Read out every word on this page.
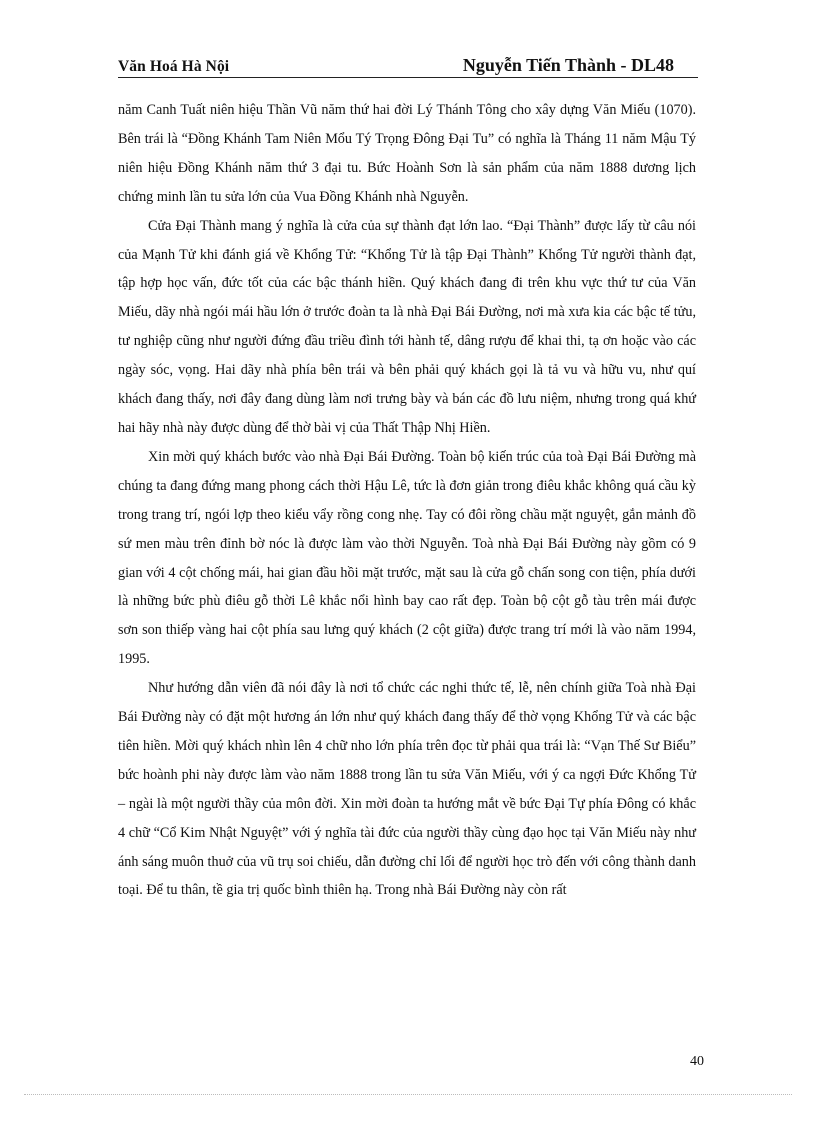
Văn Hoá Hà Nội	Nguyễn Tiến Thành - DL48

năm Canh Tuất niên hiệu Thần Vũ năm thứ hai đời Lý Thánh Tông cho xây dựng Văn Miếu (1070). Bên trái là “Đồng Khánh Tam Niên Mổu Tý Trọng Đông Đại Tu” có nghĩa là Tháng 11 năm Mậu Tý niên hiệu Đồng Khánh năm thứ 3 đại tu. Bức Hoành Sơn là sản phẩm của năm 1888 dương lịch chứng minh lần tu sửa lớn của Vua Đồng Khánh nhà Nguyễn.

Cửa Đại Thành mang ý nghĩa là cửa của sự thành đạt lớn lao. “Đại Thành” được lấy từ câu nói của Mạnh Tử khi đánh giá về Khổng Tử: “Khổng Tử là tập Đại Thành” Khổng Tử người thành đạt, tập hợp học vấn, đức tốt của các bậc thánh hiền. Quý khách đang đi trên khu vực thứ tư của Văn Miếu, dãy nhà ngói mái hầu lớn ở trước đoàn ta là nhà Đại Bái Đường, nơi mà xưa kia các bậc tế tửu, tư nghiệp cũng như người đứng đầu triều đình tới hành tế, dâng rượu để khai thi, tạ ơn hoặc vào các ngày sóc, vọng. Hai dãy nhà phía bên trái và bên phải quý khách gọi là tả vu và hữu vu, như quí khách đang thấy, nơi đây đang dùng làm nơi trưng bày và bán các đồ lưu niệm, nhưng trong quá khứ hai hãy nhà này được dùng để thờ bài vị của Thất Thập Nhị Hiền.

Xin mời quý khách bước vào nhà Đại Bái Đường. Toàn bộ kiến trúc của toà Đại Bái Đường mà chúng ta đang đứng mang phong cách thời Hậu Lê, tức là đơn giản trong điêu khắc không quá cầu kỳ trong trang trí, ngói lợp theo kiểu vẩy rồng cong nhẹ. Tay có đôi rồng chầu mặt nguyệt, gắn mảnh đồ sứ men màu trên đỉnh bờ nóc là được làm vào thời Nguyễn. Toà nhà Đại Bái Đường này gồm có 9 gian với 4 cột chống mái, hai gian đầu hồi mặt trước, mặt sau là cửa gỗ chấn song con tiện, phía dưới là những bức phù điêu gỗ thời Lê khắc nổi hình bay cao rất đẹp. Toàn bộ cột gỗ tàu trên mái được sơn son thiếp vàng hai cột phía sau lưng quý khách (2 cột giữa) được trang trí mới là vào năm 1994, 1995.

Như hướng dẫn viên đã nói đây là nơi tổ chức các nghi thức tế, lễ, nên chính giữa Toà nhà Đại Bái Đường này có đặt một hương án lớn như quý khách đang thấy để thờ vọng Khổng Tử và các bậc tiên hiền. Mời quý khách nhìn lên 4 chữ nho lớn phía trên đọc từ phải qua trái là: “Vạn Thế Sư Biểu” bức hoành phi này được làm vào năm 1888 trong lần tu sửa Văn Miếu, với ý ca ngợi Đức Khổng Tử – ngài là một người thầy của môn đời. Xin mời đoàn ta hướng mắt về bức Đại Tự phía Đông có khắc 4 chữ “Cổ Kim Nhật Nguyệt” với ý nghĩa tài đức của người thầy cùng đạo học tại Văn Miếu này như ánh sáng muôn thuở của vũ trụ soi chiếu, dẫn đường chỉ lối để người học trò đến với công thành danh toại. Để tu thân, tề gia trị quốc bình thiên hạ. Trong nhà Bái Đường này còn rất

40
